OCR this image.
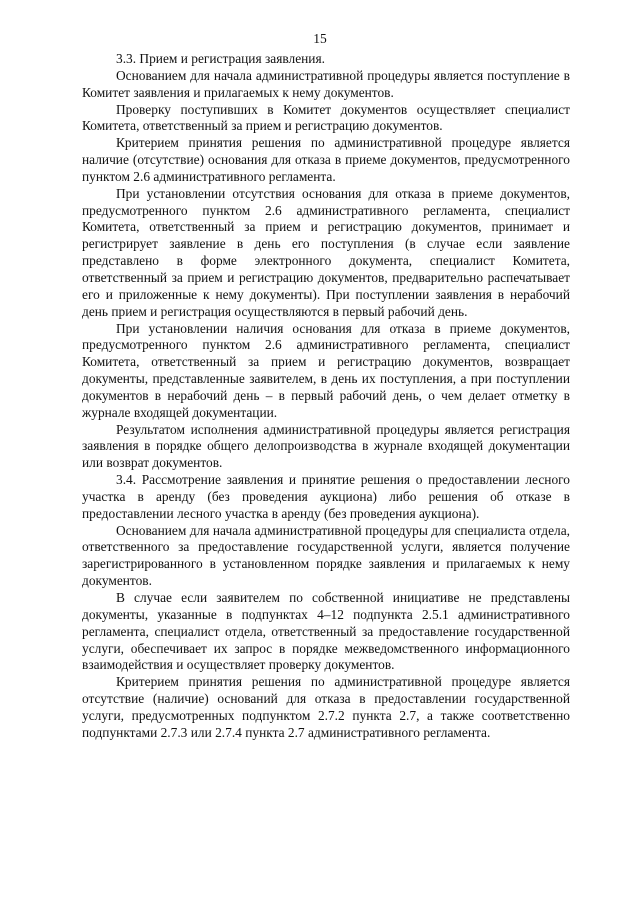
15

3.3. Прием и регистрация заявления.

Основанием для начала административной процедуры является поступление в Комитет заявления и прилагаемых к нему документов.

Проверку поступивших в Комитет документов осуществляет специалист Комитета, ответственный за прием и регистрацию документов.

Критерием принятия решения по административной процедуре является наличие (отсутствие) основания для отказа в приеме документов, предусмотренного пунктом 2.6 административного регламента.

При установлении отсутствия основания для отказа в приеме документов, предусмотренного пунктом 2.6 административного регламента, специалист Комитета, ответственный за прием и регистрацию документов, принимает и регистрирует заявление в день его поступления (в случае если заявление представлено в форме электронного документа, специалист Комитета, ответственный за прием и регистрацию документов, предварительно распечатывает его и приложенные к нему документы). При поступлении заявления в нерабочий день прием и регистрация осуществляются в первый рабочий день.

При установлении наличия основания для отказа в приеме документов, предусмотренного пунктом 2.6 административного регламента, специалист Комитета, ответственный за прием и регистрацию документов, возвращает документы, представленные заявителем, в день их поступления, а при поступлении документов в нерабочий день – в первый рабочий день, о чем делает отметку в журнале входящей документации.

Результатом исполнения административной процедуры является регистрация заявления в порядке общего делопроизводства в журнале входящей документации или возврат документов.

3.4. Рассмотрение заявления и принятие решения о предоставлении лесного участка в аренду (без проведения аукциона) либо решения об отказе в предоставлении лесного участка в аренду (без проведения аукциона).

Основанием для начала административной процедуры для специалиста отдела, ответственного за предоставление государственной услуги, является получение зарегистрированного в установленном порядке заявления и прилагаемых к нему документов.

В случае если заявителем по собственной инициативе не представлены документы, указанные в подпунктах 4–12 подпункта 2.5.1 административного регламента, специалист отдела, ответственный за предоставление государственной услуги, обеспечивает их запрос в порядке межведомственного информационного взаимодействия и осуществляет проверку документов.

Критерием принятия решения по административной процедуре является отсутствие (наличие) оснований для отказа в предоставлении государственной услуги, предусмотренных подпунктом 2.7.2 пункта 2.7, а также соответственно подпунктами 2.7.3 или 2.7.4 пункта 2.7 административного регламента.
